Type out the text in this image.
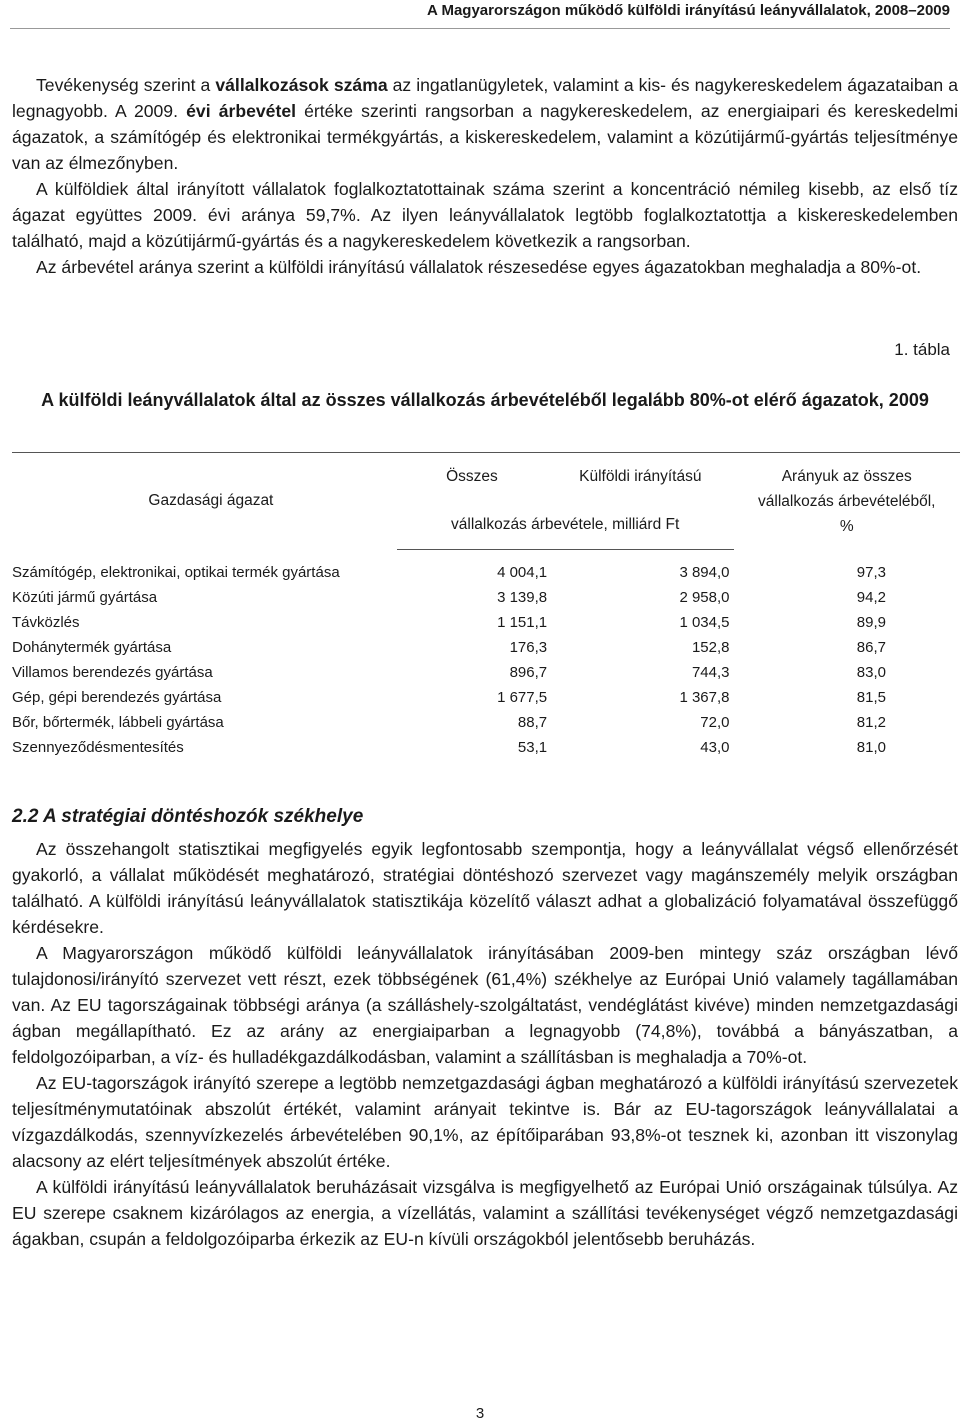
A Magyarországon működő külföldi irányítású leányvállalatok, 2008–2009

Tevékenység szerint a vállalkozások száma az ingatlanügyletek, valamint a kis- és nagykereskedelem ágazataiban a legnagyobb. A 2009. évi árbevétel értéke szerinti rangsorban a nagykereskedelem, az energiaipari és kereskedelmi ágazatok, a számítógép és elektronikai termékgyártás, a kiskereskedelem, valamint a közútijármű-gyártás teljesítménye van az élmezőnyben.

A külföldiek által irányított vállalatok foglalkoztatottainak száma szerint a koncentráció némileg kisebb, az első tíz ágazat együttes 2009. évi aránya 59,7%. Az ilyen leányvállalatok legtöbb foglalkoztatottja a kiskereskedelemben található, majd a közútijármű-gyártás és a nagykereskedelem következik a rangsorban.

Az árbevétel aránya szerint a külföldi irányítású vállalatok részesedése egyes ágazatokban meghaladja a 80%-ot.

1. tábla
A külföldi leányvállalatok által az összes vállalkozás árbevételéből legalább 80%-ot elérő ágazatok, 2009
Gazdasági ágazat	Összes	Külföldi irányítású	Arányuk az összes vállalkozás árbevételéből, %
	vállalkozás árbevétele, milliárd Ft		

Számítógép, elektronikai, optikai termék gyártása	4 004,1	3 894,0	97,3
Közúti jármű gyártása	3 139,8	2 958,0	94,2
Távközlés	1 151,1	1 034,5	89,9
Dohánytermék gyártása	176,3	152,8	86,7
Villamos berendezés gyártása	896,7	744,3	83,0
Gép, gépi berendezés gyártása	1 677,5	1 367,8	81,5
Bőr, bőrtermék, lábbeli gyártása	88,7	72,0	81,2
Szennyeződésmentesítés	53,1	43,0	81,0
2.2 A stratégiai döntéshozók székhelye

Az összehangolt statisztikai megfigyelés egyik legfontosabb szempontja, hogy a leányvállalat végső ellenőrzését gyakorló, a vállalat működését meghatározó, stratégiai döntéshozó szervezet vagy magánszemély melyik országban található. A külföldi irányítású leányvállalatok statisztikája közelítő választ adhat a globalizáció folyamatával összefüggő kérdésekre.

A Magyarországon működő külföldi leányvállalatok irányításában 2009-ben mintegy száz országban lévő tulajdonosi/irányító szervezet vett részt, ezek többségének (61,4%) székhelye az Európai Unió valamely tagállamában van. Az EU tagországainak többségi aránya (a szálláshely-szolgáltatást, vendéglátást kivéve) minden nemzetgazdasági ágban megállapítható. Ez az arány az energiaiparban a legnagyobb (74,8%), továbbá a bányászatban, a feldolgozóiparban, a víz- és hulladékgazdálkodásban, valamint a szállításban is meghaladja a 70%-ot.

Az EU-tagországok irányító szerepe a legtöbb nemzetgazdasági ágban meghatározó a külföldi irányítású szervezetek teljesítménymutatóinak abszolút értékét, valamint arányait tekintve is. Bár az EU-tagországok leányvállalatai a vízgazdálkodás, szennyvízkezelés árbevételében 90,1%, az építőiparában 93,8%-ot tesznek ki, azonban itt viszonylag alacsony az elért teljesítmények abszolút értéke.

A külföldi irányítású leányvállalatok beruházásait vizsgálva is megfigyelhető az Európai Unió országainak túlsúlya. Az EU szerepe csaknem kizárólagos az energia, a vízellátás, valamint a szállítási tevékenységet végző nemzetgazdasági ágakban, csupán a feldolgozóiparba érkezik az EU-n kívüli országokból jelentősebb beruházás.

3
